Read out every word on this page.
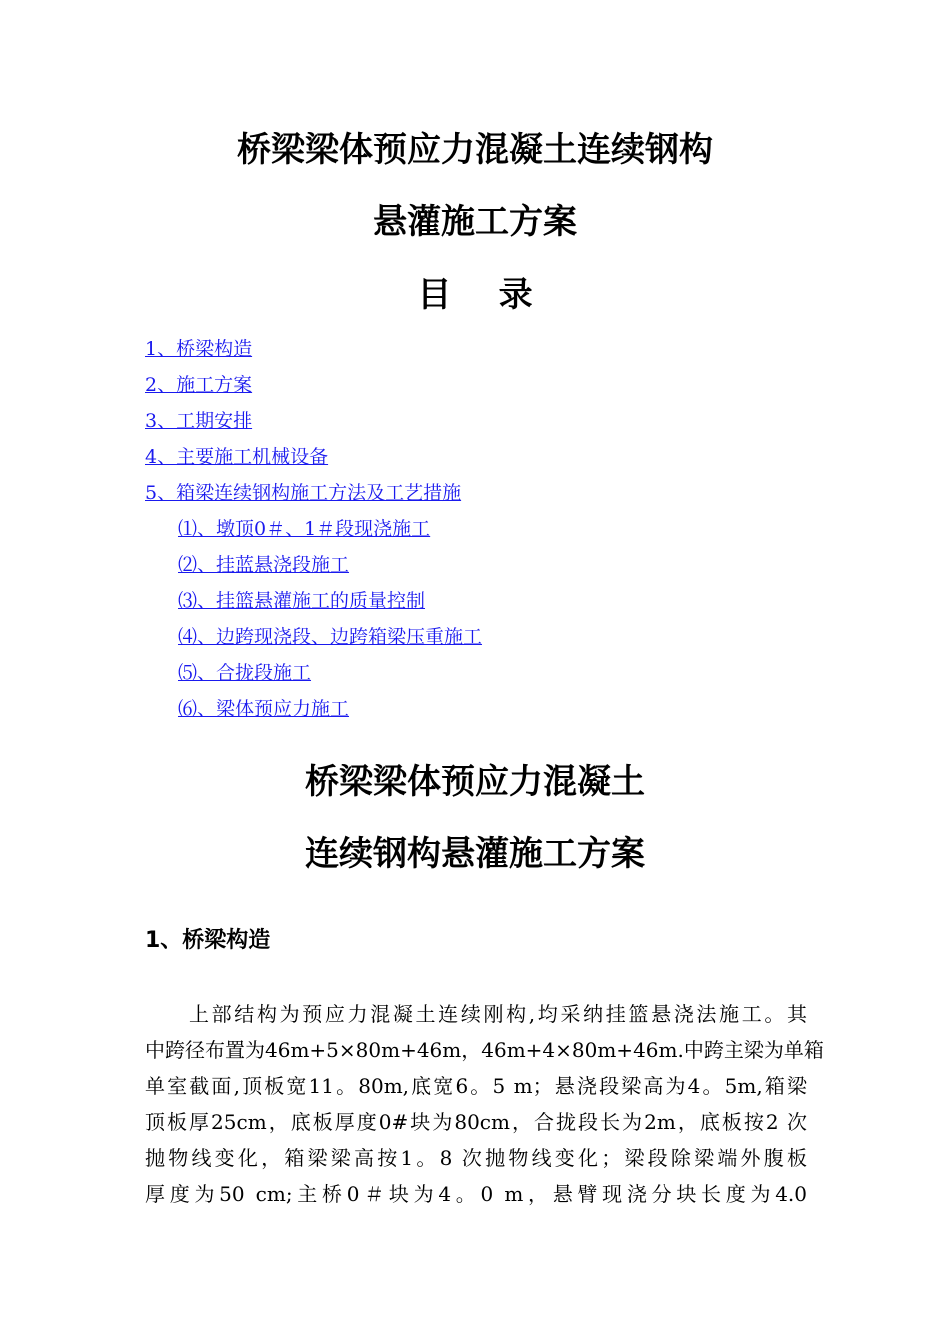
桥梁梁体预应力混凝土连续钢构
悬灌施工方案
目    录
1、桥梁构造
2、施工方案
3、工期安排
4、主要施工机械设备
5、箱梁连续钢构施工方法及工艺措施
⑴、墩顶0＃、1＃段现浇施工
⑵、挂蓝悬浇段施工
⑶、挂篮悬灌施工的质量控制
⑷、边跨现浇段、边跨箱梁压重施工
⑸、合拢段施工
⑹、梁体预应力施工
桥梁梁体预应力混凝土
连续钢构悬灌施工方案
1、桥梁构造
上部结构为预应力混凝土连续刚构,均采纳挂篮悬浇法施工。其
中跨径布置为46m+5×80m+46m，46m+4×80m+46m.中跨主梁为单箱
单室截面,顶板宽11。80m,底宽6。5 m；悬浇段梁高为4。5m,箱梁
顶板厚25cm，底板厚度0#块为80cm，合拢段长为2m，底板按2 次
抛物线变化，箱梁梁高按1。8 次抛物线变化；梁段除梁端外腹板
厚度为50 cm;主桥0＃块为4。0 m，悬臂现浇分块长度为4.0
